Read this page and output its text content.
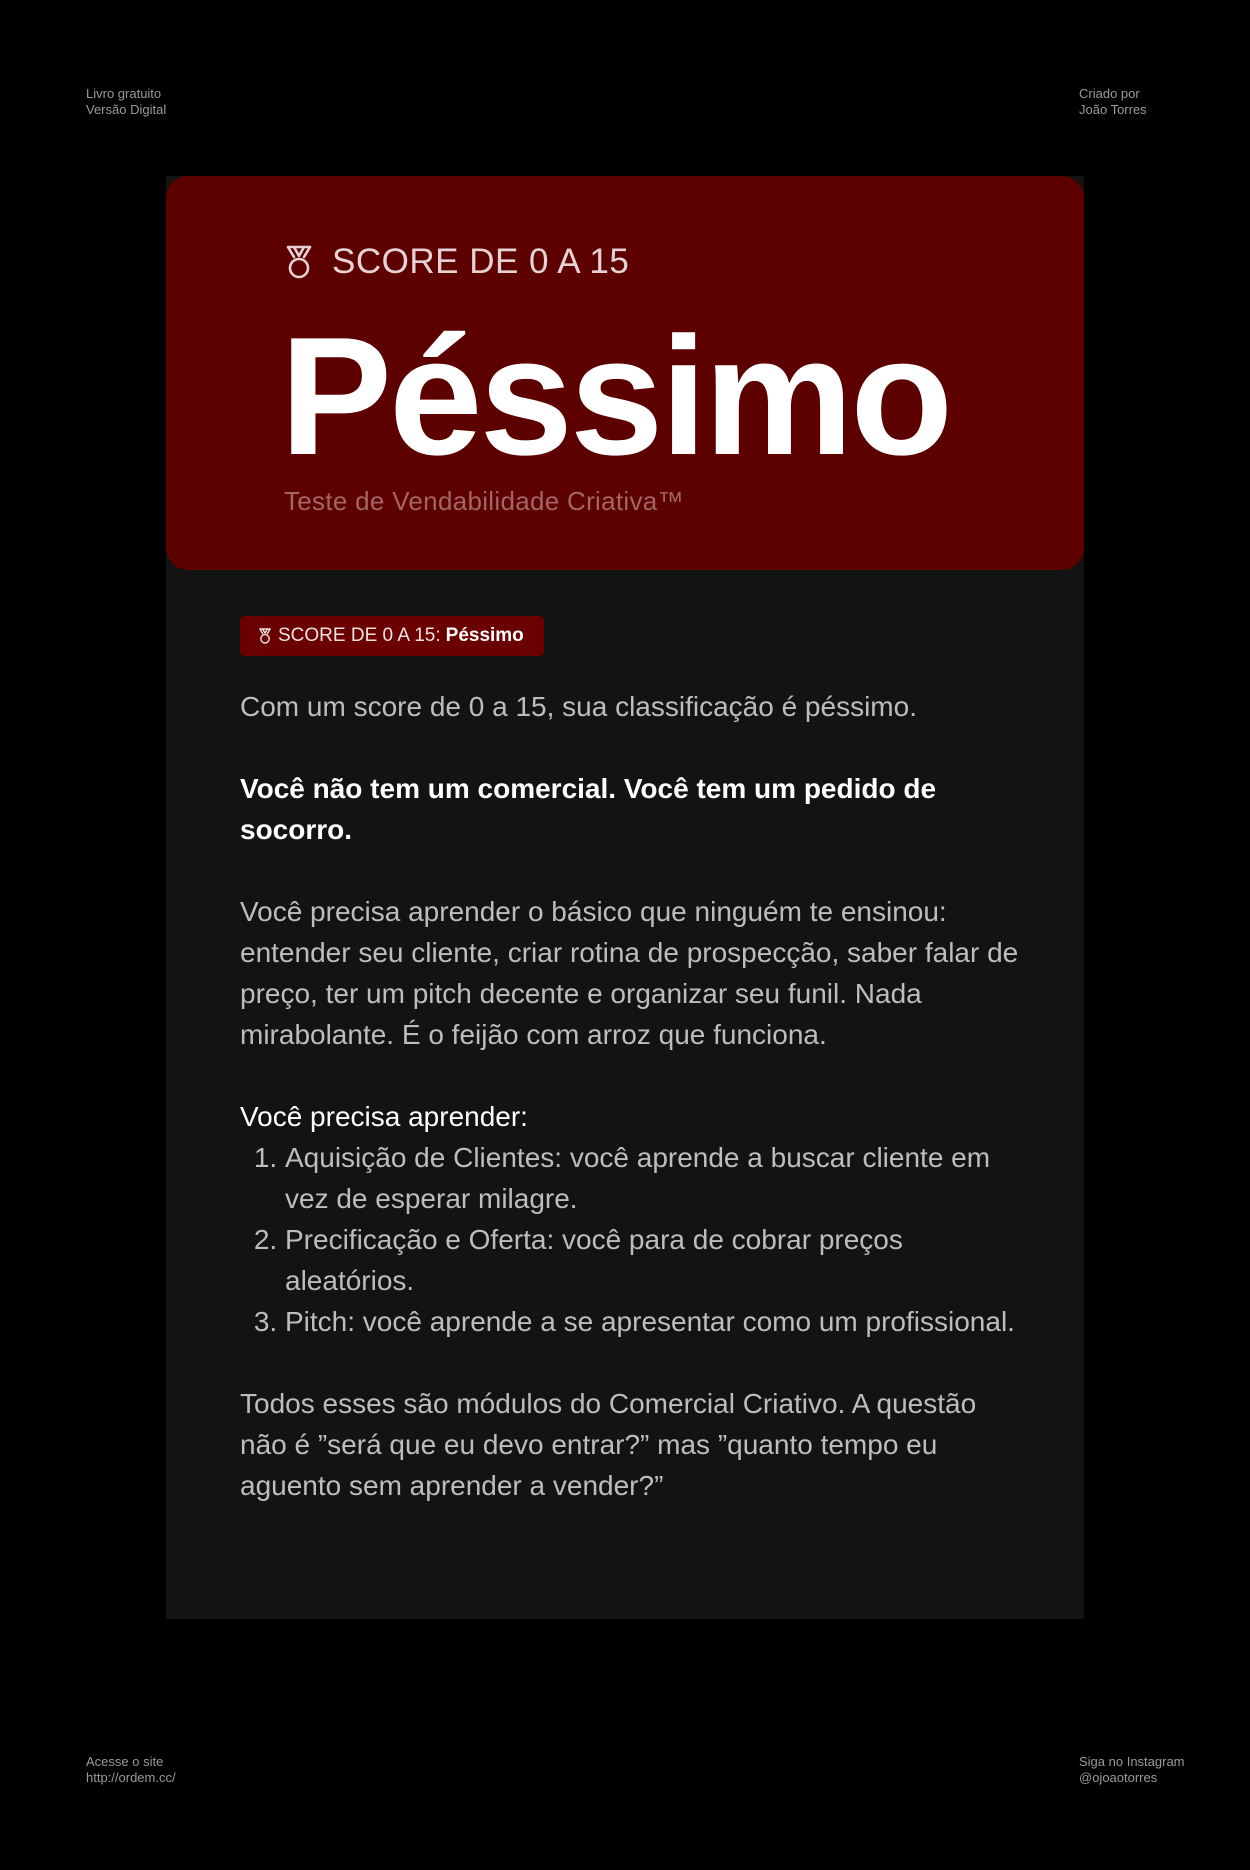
Livro gratuito
Versão Digital
Criado por
João Torres
Acesse o site
http://ordem.cc/
Siga no Instagram
@ojoaotorres
SCORE DE 0 A 15
Péssimo
Teste de Vendabilidade Criativa™
SCORE DE 0 A 15: Péssimo

Com um score de 0 a 15, sua classificação é péssimo.

Você não tem um comercial. Você tem um pedido de socorro.

Você precisa aprender o básico que ninguém te ensinou: entender seu cliente, criar rotina de prospecção, saber falar de preço, ter um pitch decente e organizar seu funil. Nada mirabolante. É o feijão com arroz que funciona.

Você precisa aprender:

1. Aquisição de Clientes: você aprende a buscar cliente em vez de esperar milagre.
2. Precificação e Oferta: você para de cobrar preços aleatórios.
3. Pitch: você aprende a se apresentar como um profissional.

Todos esses são módulos do Comercial Criativo. A questão não é ”será que eu devo entrar?” mas ”quanto tempo eu aguento sem aprender a vender?”
